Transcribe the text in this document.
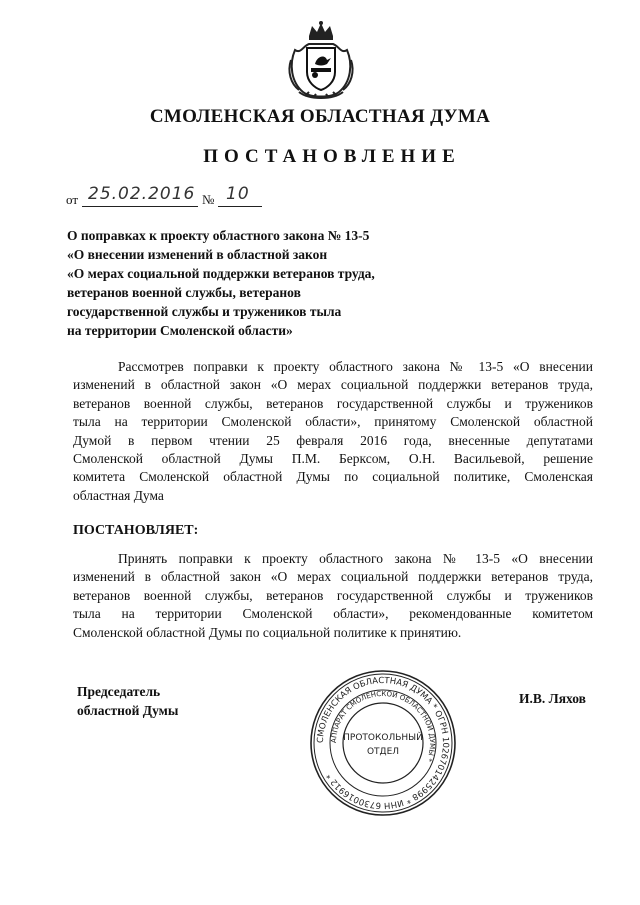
СМОЛЕНСКАЯ ОБЛАСТНАЯ ДУМА
ПОСТАНОВЛЕНИЕ
от 25.02.2016 № 10
О поправках к проекту областного закона № 13-5
«О внесении изменений в областной закон
«О мерах социальной поддержки ветеранов труда,
ветеранов военной службы, ветеранов
государственной службы и тружеников тыла
на территории Смоленской области»
Рассмотрев поправки к проекту областного закона № 13-5 «О внесении
изменений в областной закон «О мерах социальной поддержки ветеранов труда,
ветеранов военной службы, ветеранов государственной службы и тружеников
тыла на территории Смоленской области», принятому Смоленской областной
Думой в первом чтении 25 февраля 2016 года, внесенные депутатами
Смоленской областной Думы П.М. Берксом, О.Н. Васильевой, решение
комитета Смоленской областной Думы по социальной политике, Смоленская
областная Дума
ПОСТАНОВЛЯЕТ:
Принять поправки к проекту областного закона № 13-5 «О внесении
изменений в областной закон «О мерах социальной поддержки ветеранов труда,
ветеранов военной службы, ветеранов государственной службы и тружеников
тыла на территории Смоленской области», рекомендованные комитетом
Смоленской областной Думы по социальной политике к принятию.
Председатель
областной Думы
И.В. Ляхов
СМОЛЕНСКАЯ ОБЛАСТНАЯ ДУМА * ОГРН 1026701425998 * ИНН 6730016912 *
АППАРАТ СМОЛЕНСКОЙ ОБЛАСТНОЙ ДУМЫ *
ПРОТОКОЛЬНЫЙ
ОТДЕЛ
